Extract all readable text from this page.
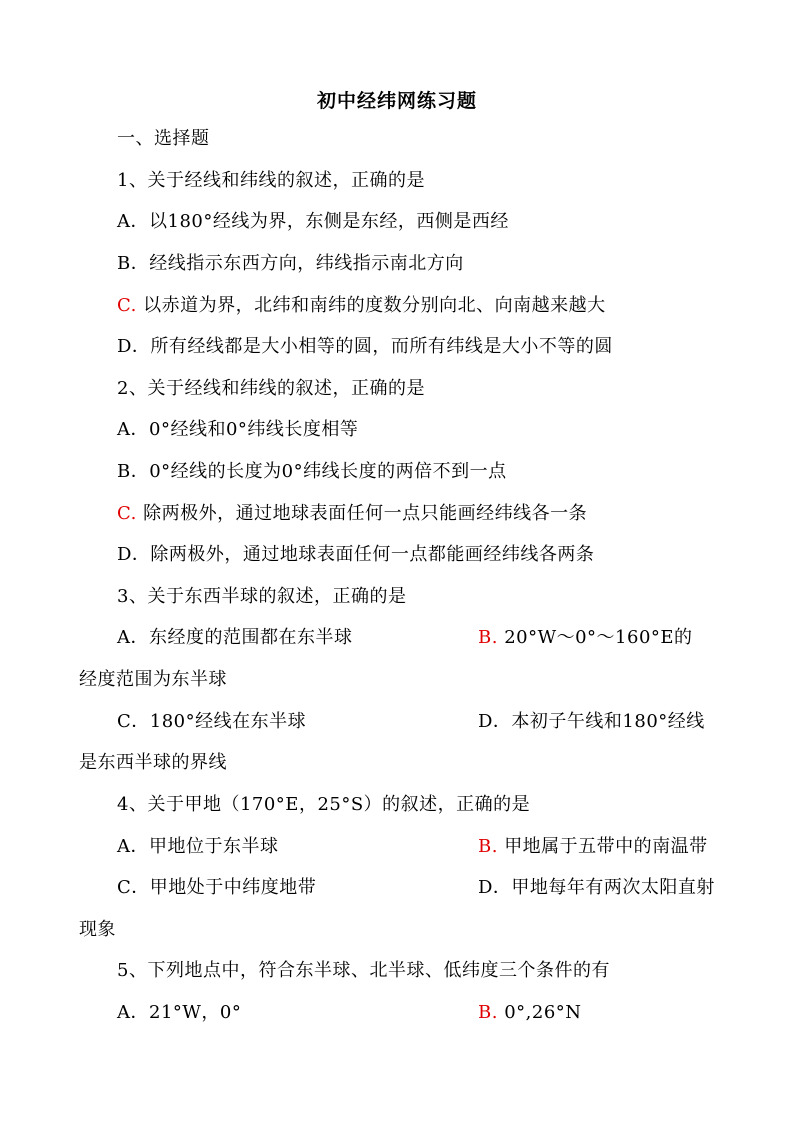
初中经纬网练习题
一、选择题
1、关于经线和纬线的叙述，正确的是
A．以180°经线为界，东侧是东经，西侧是西经
B．经线指示东西方向，纬线指示南北方向
C. 以赤道为界，北纬和南纬的度数分别向北、向南越来越大
D．所有经线都是大小相等的圆，而所有纬线是大小不等的圆
2、关于经线和纬线的叙述，正确的是
A．0°经线和0°纬线长度相等
B．0°经线的长度为0°纬线长度的两倍不到一点
C. 除两极外，通过地球表面任何一点只能画经纬线各一条
D．除两极外，通过地球表面任何一点都能画经纬线各两条
3、关于东西半球的叙述，正确的是
A．东经度的范围都在东半球	B. 20°W～0°～160°E的
经度范围为东半球
C．180°经线在东半球	D．本初子午线和180°经线
是东西半球的界线
4、关于甲地（170°E，25°S）的叙述，正确的是
A．甲地位于东半球	B. 甲地属于五带中的南温带
C．甲地处于中纬度地带	D．甲地每年有两次太阳直射
现象
5、下列地点中，符合东半球、北半球、低纬度三个条件的有
A．21°W，0°	B. 0°,26°N
